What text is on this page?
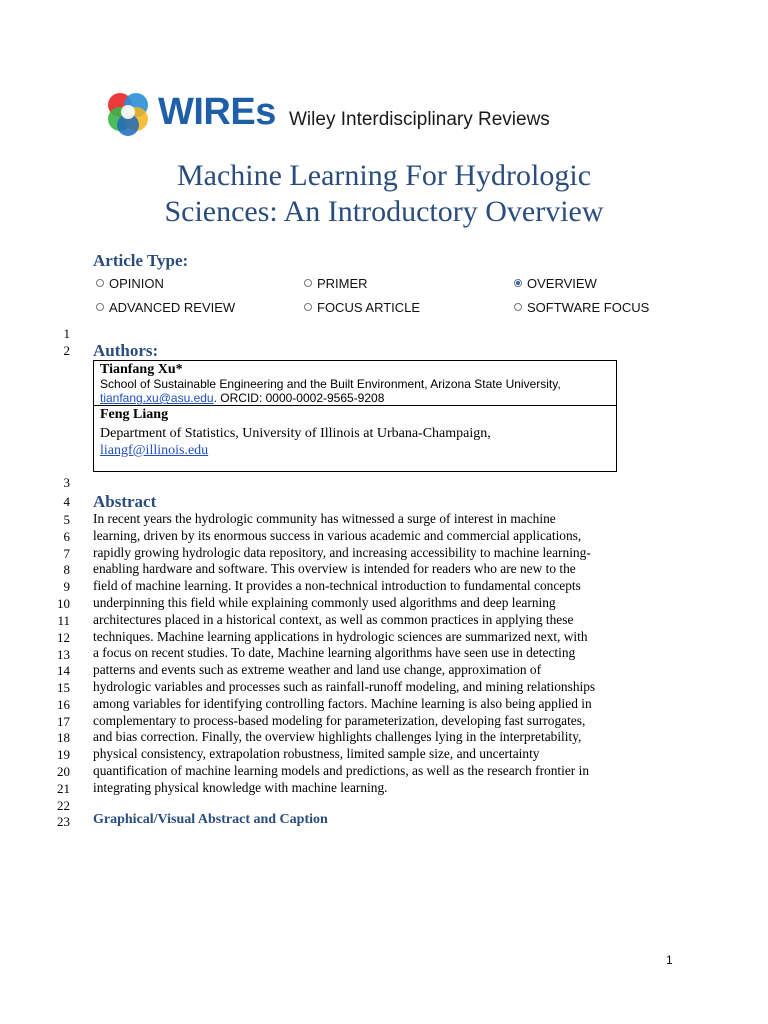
WIREs Wiley Interdisciplinary Reviews
Machine Learning For Hydrologic
Sciences: An Introductory Overview
Article Type:
OPINION	PRIMER	OVERVIEW
ADVANCED REVIEW	FOCUS ARTICLE	SOFTWARE FOCUS
1
2
3
4
5
6
7
8
9
10
11
12
13
14
15
16
17
18
19
20
21
22
23
Authors:
Tianfang Xu*
School of Sustainable Engineering and the Built Environment, Arizona State University,
tianfang.xu@asu.edu. ORCID: 0000-0002-9565-9208
Feng Liang
Department of Statistics, University of Illinois at Urbana-Champaign,
liangf@illinois.edu
Abstract
In recent years the hydrologic community has witnessed a surge of interest in machine
learning, driven by its enormous success in various academic and commercial applications,
rapidly growing hydrologic data repository, and increasing accessibility to machine learning-
enabling hardware and software. This overview is intended for readers who are new to the
field of machine learning. It provides a non-technical introduction to fundamental concepts
underpinning this field while explaining commonly used algorithms and deep learning
architectures placed in a historical context, as well as common practices in applying these
techniques. Machine learning applications in hydrologic sciences are summarized next, with
a focus on recent studies. To date, Machine learning algorithms have seen use in detecting
patterns and events such as extreme weather and land use change, approximation of
hydrologic variables and processes such as rainfall-runoff modeling, and mining relationships
among variables for identifying controlling factors. Machine learning is also being applied in
complementary to process-based modeling for parameterization, developing fast surrogates,
and bias correction. Finally, the overview highlights challenges lying in the interpretability,
physical consistency, extrapolation robustness, limited sample size, and uncertainty
quantification of machine learning models and predictions, as well as the research frontier in
integrating physical knowledge with machine learning.
Graphical/Visual Abstract and Caption
1
